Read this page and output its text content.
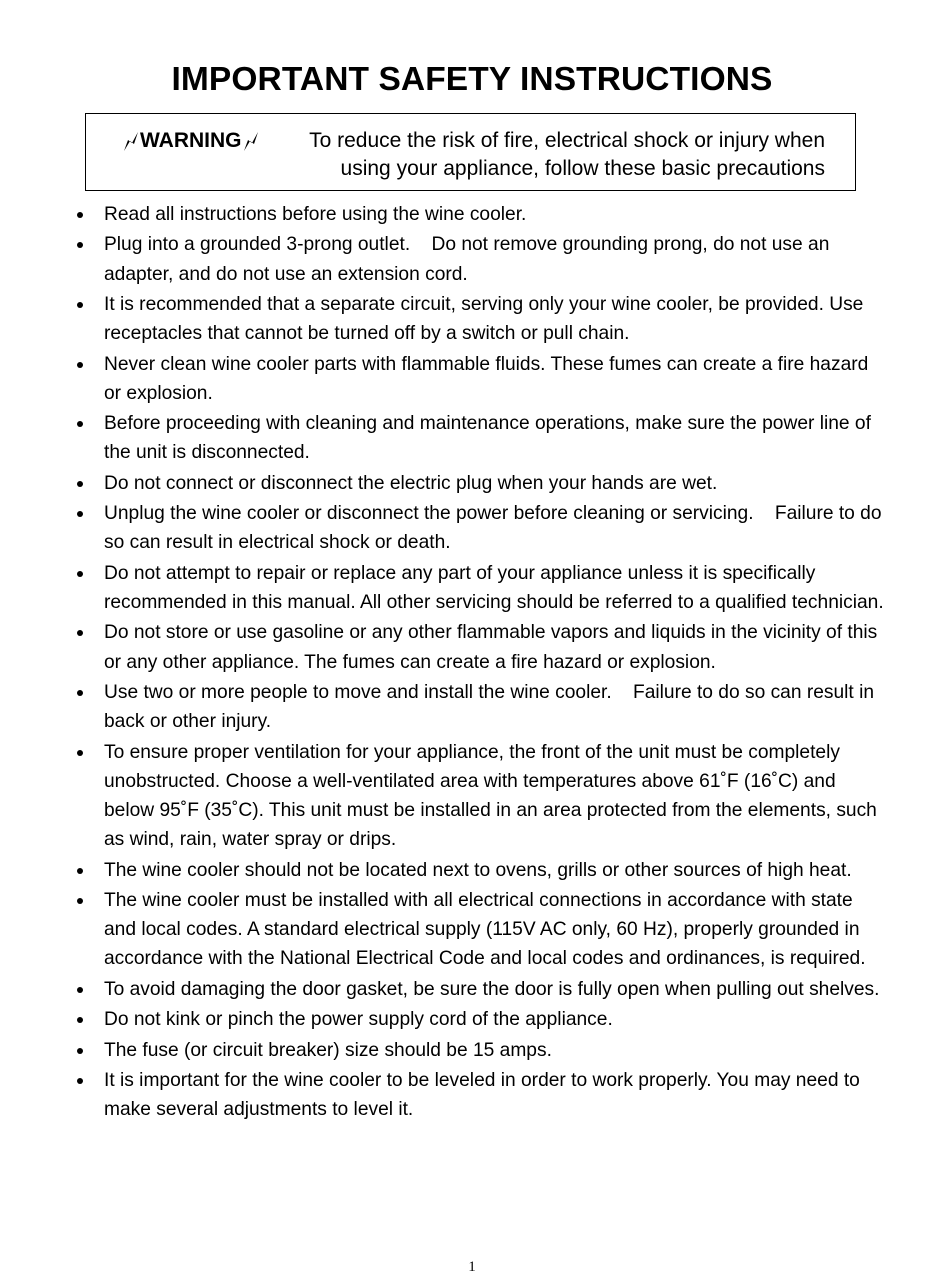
IMPORTANT SAFETY INSTRUCTIONS
WARNING	To reduce the risk of fire, electrical shock or injury when
using your appliance, follow these basic precautions
Read all instructions before using the wine cooler.
Plug into a grounded 3-prong outlet.    Do not remove grounding prong, do not use an adapter, and do not use an extension cord.
It is recommended that a separate circuit, serving only your wine cooler, be provided. Use receptacles that cannot be turned off by a switch or pull chain.
Never clean wine cooler parts with flammable fluids. These fumes can create a fire hazard or explosion.
Before proceeding with cleaning and maintenance operations, make sure the power line of the unit is disconnected.
Do not connect or disconnect the electric plug when your hands are wet.
Unplug the wine cooler or disconnect the power before cleaning or servicing.    Failure to do so can result in electrical shock or death.
Do not attempt to repair or replace any part of your appliance unless it is specifically recommended in this manual. All other servicing should be referred to a qualified technician.
Do not store or use gasoline or any other flammable vapors and liquids in the vicinity of this or any other appliance. The fumes can create a fire hazard or explosion.
Use two or more people to move and install the wine cooler.    Failure to do so can result in back or other injury.
To ensure proper ventilation for your appliance, the front of the unit must be completely unobstructed. Choose a well-ventilated area with temperatures above 61˚F (16˚C) and below 95˚F (35˚C). This unit must be installed in an area protected from the elements, such as wind, rain, water spray or drips.
The wine cooler should not be located next to ovens, grills or other sources of high heat.
The wine cooler must be installed with all electrical connections in accordance with state and local codes. A standard electrical supply (115V AC only, 60 Hz), properly grounded in accordance with the National Electrical Code and local codes and ordinances, is required.
To avoid damaging the door gasket, be sure the door is fully open when pulling out shelves.
Do not kink or pinch the power supply cord of the appliance.
The fuse (or circuit breaker) size should be 15 amps.
It is important for the wine cooler to be leveled in order to work properly. You may need to make several adjustments to level it.
1
